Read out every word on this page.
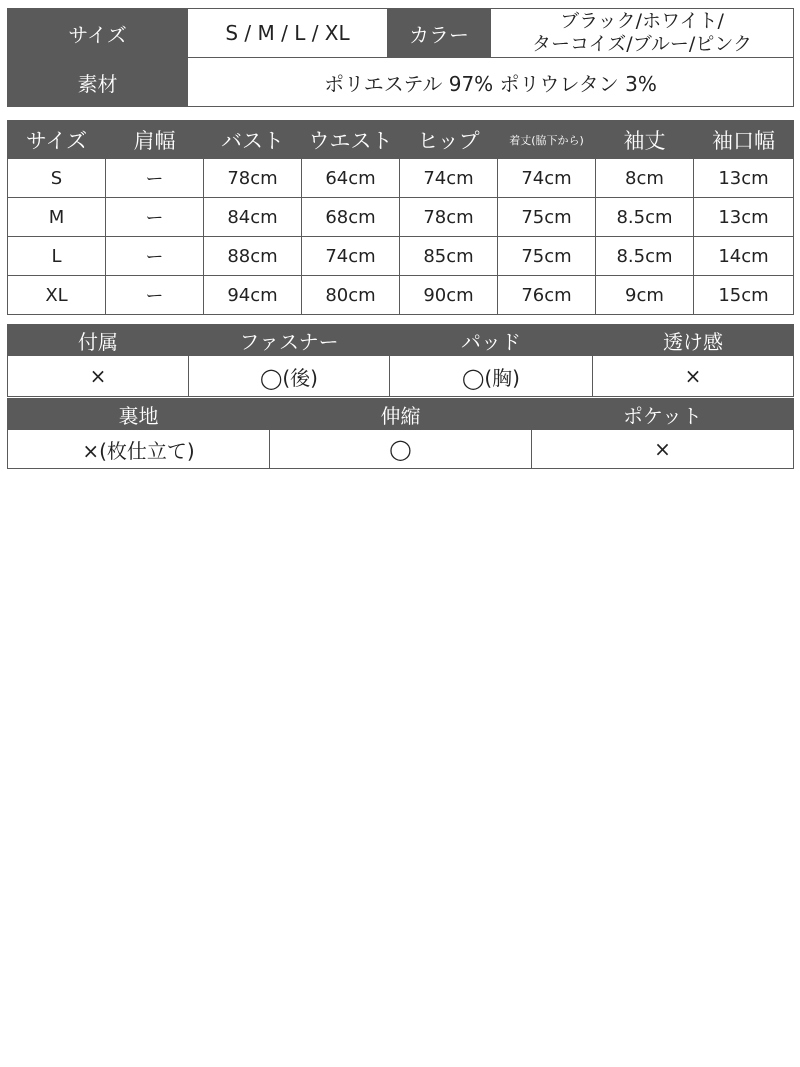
サイズ	S / M / L / XL	カラー	ブラック/ホワイト/
ターコイズ/ブルー/ピンク

素材	ポリエステル 97% ポリウレタン 3%		
サイズ	肩幅	バスト	ウエスト	ヒップ	着丈(脇下から)	袖丈	袖口幅
S	ー	78cm	64cm	74cm	74cm	8cm	13cm
M	ー	84cm	68cm	78cm	75cm	8.5cm	13cm
L	ー	88cm	74cm	85cm	75cm	8.5cm	14cm
XL	ー	94cm	80cm	90cm	76cm	9cm	15cm
付属	ファスナー	パッド	透け感
×	◯(後)	◯(胸)	×
裏地	伸縮	ポケット
×(枚仕立て)	◯	×
